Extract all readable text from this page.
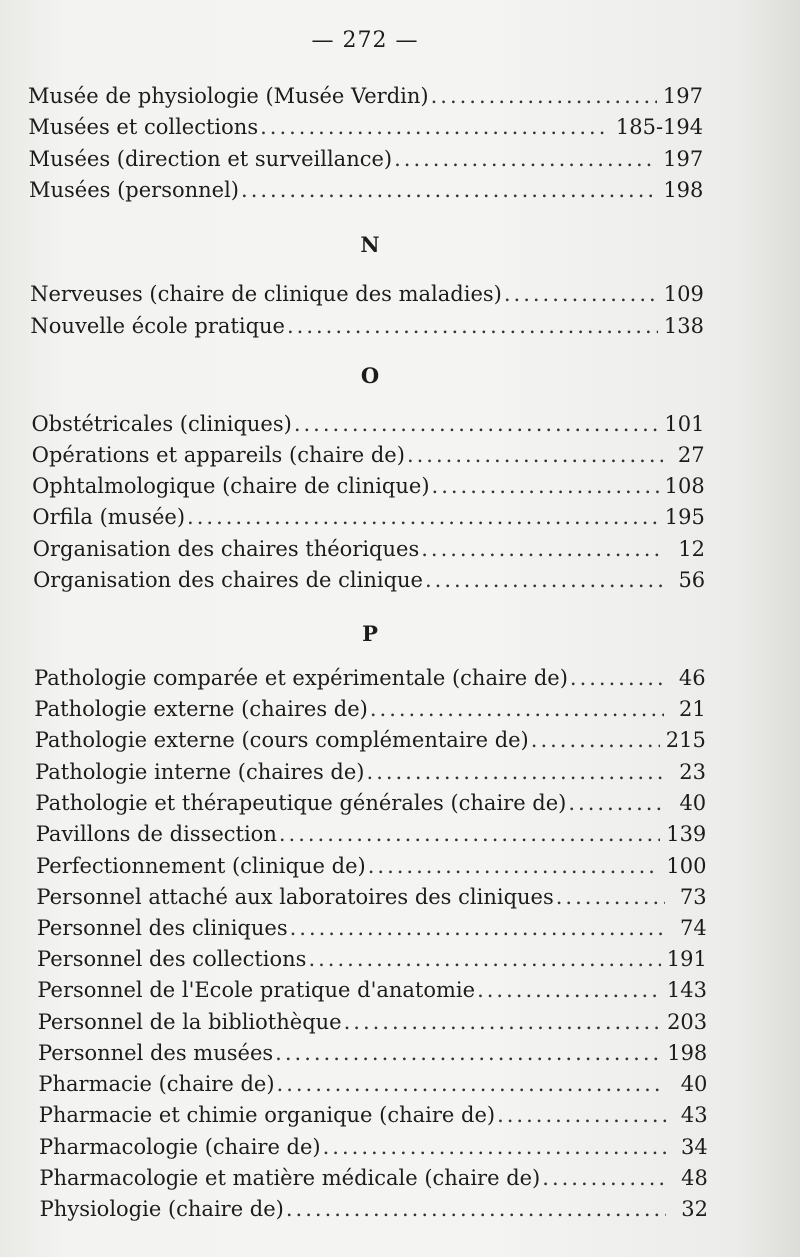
— 272 —
Musée de physiologie (Musée Verdin) .....	197
Musées et collections .....	185-194
Musées (direction et surveillance) .....	197
Musées (personnel) .....	198
N
Nerveuses (chaire de clinique des maladies) .....	109
Nouvelle école pratique .....	138
O
Obstétricales (cliniques) .....	101
Opérations et appareils (chaire de) .....	27
Ophtalmologique (chaire de clinique) .....	108
Orfila (musée) .....	195
Organisation des chaires théoriques .....	12
Organisation des chaires de clinique .....	56
P
Pathologie comparée et expérimentale (chaire de) .....	46
Pathologie externe (chaires de) .....	21
Pathologie externe (cours complémentaire de) .....	215
Pathologie interne (chaires de) .....	23
Pathologie et thérapeutique générales (chaire de) .....	40
Pavillons de dissection .....	139
Perfectionnement (clinique de) .....	100
Personnel attaché aux laboratoires des cliniques .....	73
Personnel des cliniques .....	74
Personnel des collections .....	191
Personnel de l'Ecole pratique d'anatomie .....	143
Personnel de la bibliothèque .....	203
Personnel des musées .....	198
Pharmacie (chaire de) .....	40
Pharmacie et chimie organique (chaire de) .....	43
Pharmacologie (chaire de) .....	34
Pharmacologie et matière médicale (chaire de) .....	48
Physiologie (chaire de) .....	32
